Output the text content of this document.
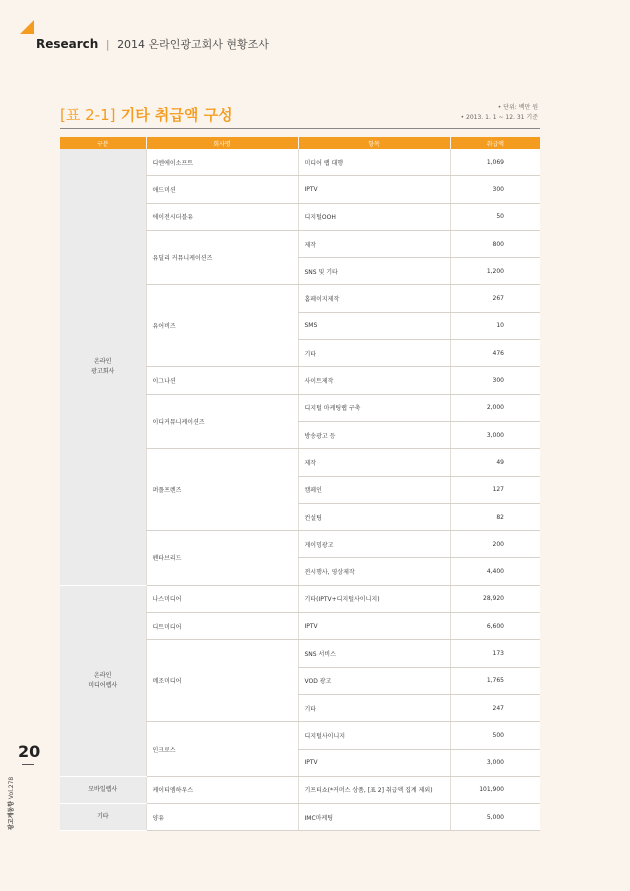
Research | 2014 온라인광고회사 현황조사
[표 2-1] 기타 취급액 구성	• 단위: 백만 원
• 2013. 1. 1 ~ 12. 31 기준
구분	회사명	항목	취급액
온라인
광고회사	디엔에이소프트	미디어 랩 대행	1,069
	애드미션	IPTV	300
	에이전시더블유	디지털OOH	50
	유딜리 커뮤니케이션즈	제작	800
		SNS 및 기타	1,200
	유어비즈	홈페이지제작	267
		SMS	10
		기타	476
	이그나션	사이트제작	300
	이디커뮤니케이션즈	디지털 마케팅랩 구축	2,000
		방송광고 등	3,000
	퍼플프렌즈	제작	49
		캠페인	127
		컨설팅	82
	펜타브리드	게이밍광고	200
		전시행사, 영상제작	4,400
온라인
미디어렙사	나스미디어	기타(IPTV+디지털사이니지)	28,920
	디트미디어	IPTV	6,600
	메조미디어	SNS 서비스	173
		VOD 광고	1,765
		기타	247
	인크로스	디지털사이니지	500
		IPTV	3,000
모바일렙사	케이티엠하우스	기프티쇼(*커머스 상품, [표 2] 취급액 집계 제외)	101,900
기타	양유	IMC마케팅	5,000
20
광고계동향 Vol.278
